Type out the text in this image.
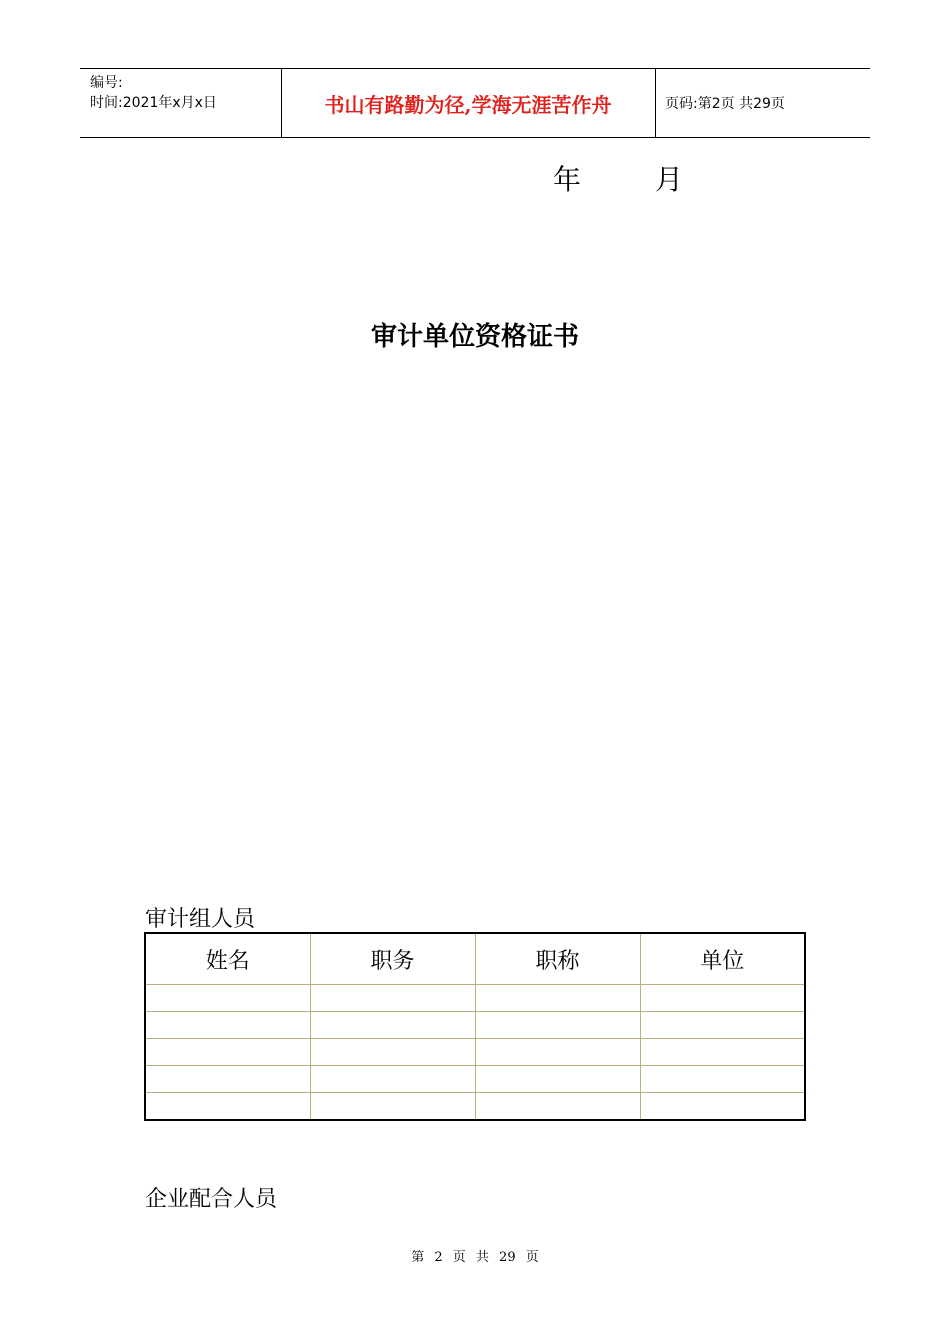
编号:
时间:2021年x月x日	书山有路勤为径,学海无涯苦作舟	页码:第2页 共29页
年	月
审计单位资格证书
审计组人员
姓名	职务	职称	单位

企业配合人员
第 2 页 共 29 页
